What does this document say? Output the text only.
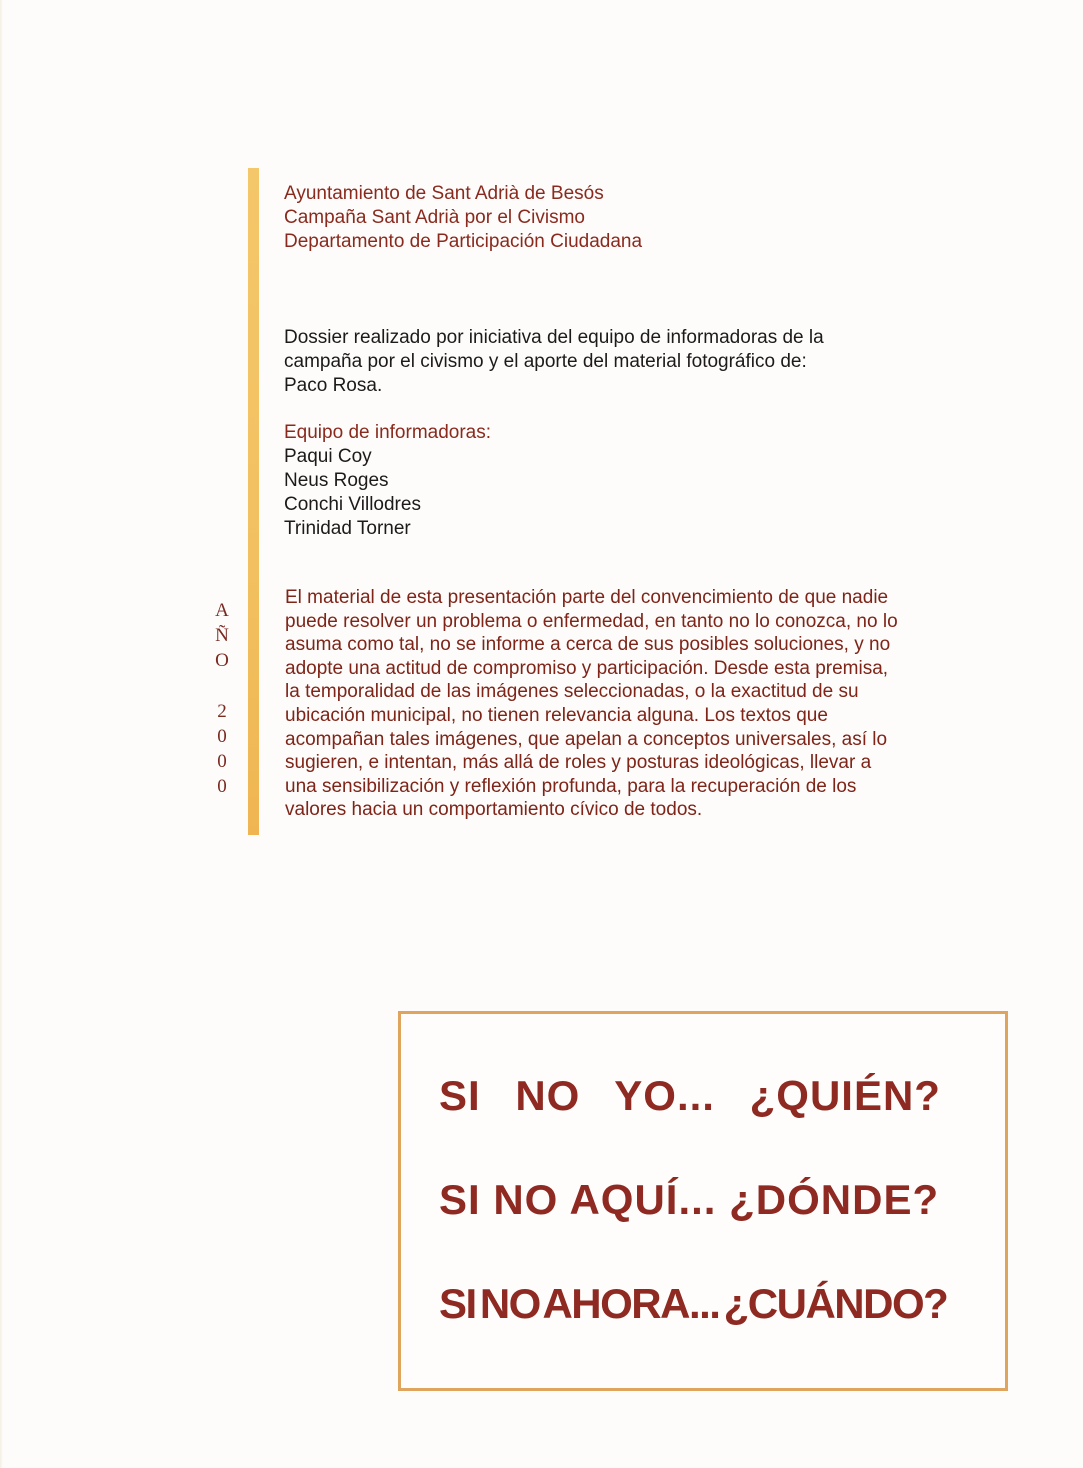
Ayuntamiento de Sant Adrià de Besós
Campaña Sant Adrià por el Civismo
Departamento de Participación Ciudadana
Dossier realizado por iniciativa del equipo de informadoras de la
campaña por el civismo y el aporte del material fotográfico de:
Paco Rosa.
Equipo de informadoras:
Paqui Coy
Neus Roges
Conchi Villodres
Trinidad Torner
A
Ñ
O
2
0
0
0
El material de esta presentación parte del convencimiento de que nadie
puede resolver un problema o enfermedad, en tanto no lo conozca, no lo
asuma como tal, no se informe a cerca de sus posibles soluciones, y no
adopte una actitud de compromiso y participación. Desde esta premisa,
la temporalidad de las imágenes seleccionadas, o la exactitud de su
ubicación municipal, no tienen relevancia alguna. Los textos que
acompañan tales imágenes, que apelan a conceptos universales, así lo
sugieren, e intentan, más allá de roles y posturas ideológicas, llevar a
una sensibilización y reflexión profunda, para la recuperación de los
valores hacia un comportamiento cívico de todos.
SI NO YO... ¿QUIÉN?
SI NO AQUÍ... ¿DÓNDE?
SI NO AHORA... ¿CUÁNDO?
